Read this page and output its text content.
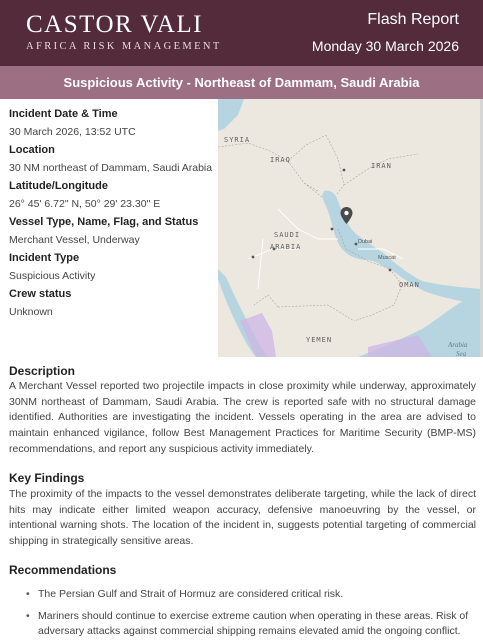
CASTOR VALI
AFRICA RISK MANAGEMENT
Flash Report
Monday 30 March 2026
Suspicious Activity - Northeast of Dammam, Saudi Arabia
Incident Date & Time
30 March 2026, 13:52 UTC
Location
30 NM northeast of Dammam, Saudi Arabia
Latitude/Longitude
26° 45' 6.72" N, 50° 29' 23.30" E
Vessel Type, Name, Flag, and Status
Merchant Vessel, Underway
Incident Type
Suspicious Activity
Crew status
Unknown
SYRIA
IRAQ
IRAN
SAUDI
ARABIA
OMAN
YEMEN
Arabia
Sea
Dubai
Muscat
Description
A Merchant Vessel reported two projectile impacts in close proximity while underway, approximately 30NM northeast of Dammam, Saudi Arabia. The crew is reported safe with no structural damage identified. Authorities are investigating the incident. Vessels operating in the area are advised to maintain enhanced vigilance, follow Best Management Practices for Maritime Security (BMP-MS) recommendations, and report any suspicious activity immediately.
Key Findings
The proximity of the impacts to the vessel demonstrates deliberate targeting, while the lack of direct hits may indicate either limited weapon accuracy, defensive manoeuvring by the vessel, or intentional warning shots. The location of the incident in, suggests potential targeting of commercial shipping in strategically sensitive areas.
Recommendations
• The Persian Gulf and Strait of Hormuz are considered critical risk.
• Mariners should continue to exercise extreme caution when operating in these areas. Risk of adversary attacks against commercial shipping remains elevated amid the ongoing conflict.
